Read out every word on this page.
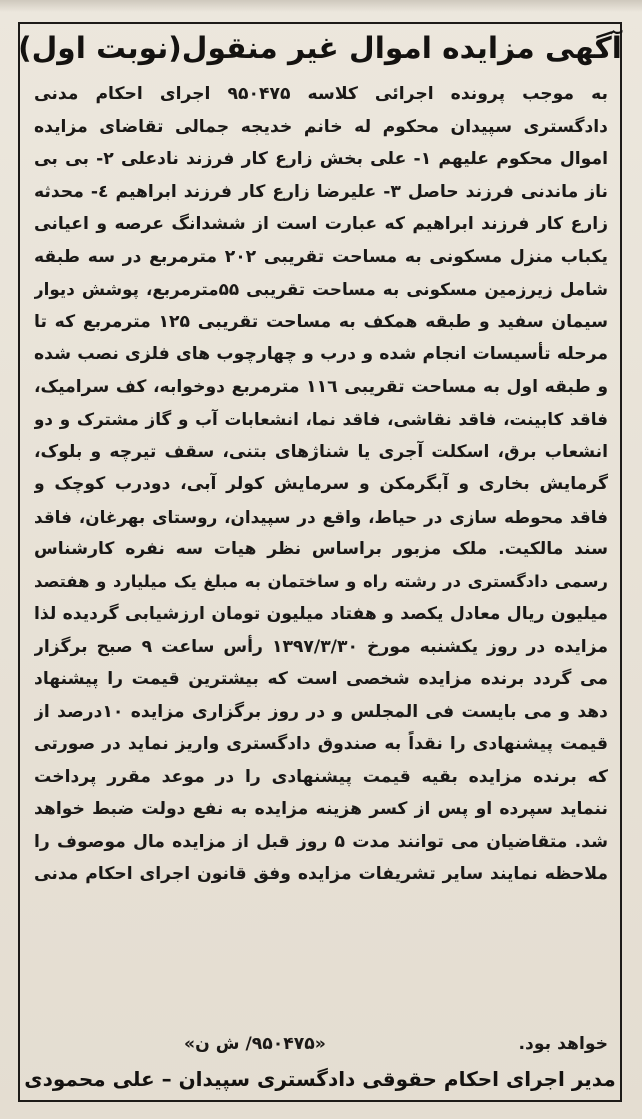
آگهی مزایده اموال غیر منقول(نوبت اول)
به موجب پرونده اجرائی کلاسه ۹۵۰۴۷۵ اجرای احکام مدنی
دادگستری سپیدان محکوم له خانم خدیجه جمالی تقاضای مزایده
اموال محکوم علیهم ۱- علی بخش زارع کار فرزند نادعلی ۲- بی بی
ناز ماندنی فرزند حاصل ۳- علیرضا زارع کار فرزند ابراهیم ٤- محدثه
زارع کار فرزند ابراهیم که عبارت است از ششدانگ عرصه و اعیانی
یکباب منزل مسکونی به مساحت تقریبی ۲۰۲ مترمربع در سه طبقه
شامل زیرزمین مسکونی به مساحت تقریبی ۵۵مترمربع، پوشش دیوار
سیمان سفید و طبقه همکف به مساحت تقریبی ۱۲۵ مترمربع که تا
مرحله تأسیسات انجام شده و درب و چهارچوب های فلزی نصب شده
و طبقه اول به مساحت تقریبی ۱۱٦ مترمربع دوخوابه، کف سرامیک،
فاقد کابینت، فاقد نقاشی، فاقد نما، انشعابات آب و گاز مشترک و دو
انشعاب برق، اسکلت آجری یا شناژهای بتنی، سقف تیرچه و بلوک،
گرمایش بخاری و آبگرمکن و سرمایش کولر آبی، دودرب کوچک و
فاقد محوطه سازی در حیاط، واقع در سپیدان، روستای بهرغان، فاقد
سند مالکیت. ملک مزبور براساس نظر هیات سه نفره کارشناس
رسمی دادگستری در رشته راه و ساختمان به مبلغ یک میلیارد و هفتصد
میلیون ریال معادل یکصد و هفتاد میلیون تومان ارزشیابی گردیده لذا
مزایده در روز یکشنبه مورخ ۱۳۹۷/۳/۳۰ رأس ساعت ۹ صبح برگزار
می گردد برنده مزایده شخصی است که بیشترین قیمت را پیشنهاد
دهد و می بایست فی المجلس و در روز برگزاری مزایده ۱۰درصد از
قیمت پیشنهادی را نقداً به صندوق دادگستری واریز نماید در صورتی
که برنده مزایده بقیه قیمت پیشنهادی را در موعد مقرر پرداخت
ننماید سپرده او پس از کسر هزینه مزایده به نفع دولت ضبط خواهد
شد. متقاضیان می توانند مدت ۵ روز قبل از مزایده مال موصوف را
ملاحظه نمایند سایر تشریفات مزایده وفق قانون اجرای احکام مدنی
«۹۵۰۴۷۵/ ش ن»	خواهد بود.
مدیر اجرای احکام حقوقی دادگستری سپیدان – علی محمودی
